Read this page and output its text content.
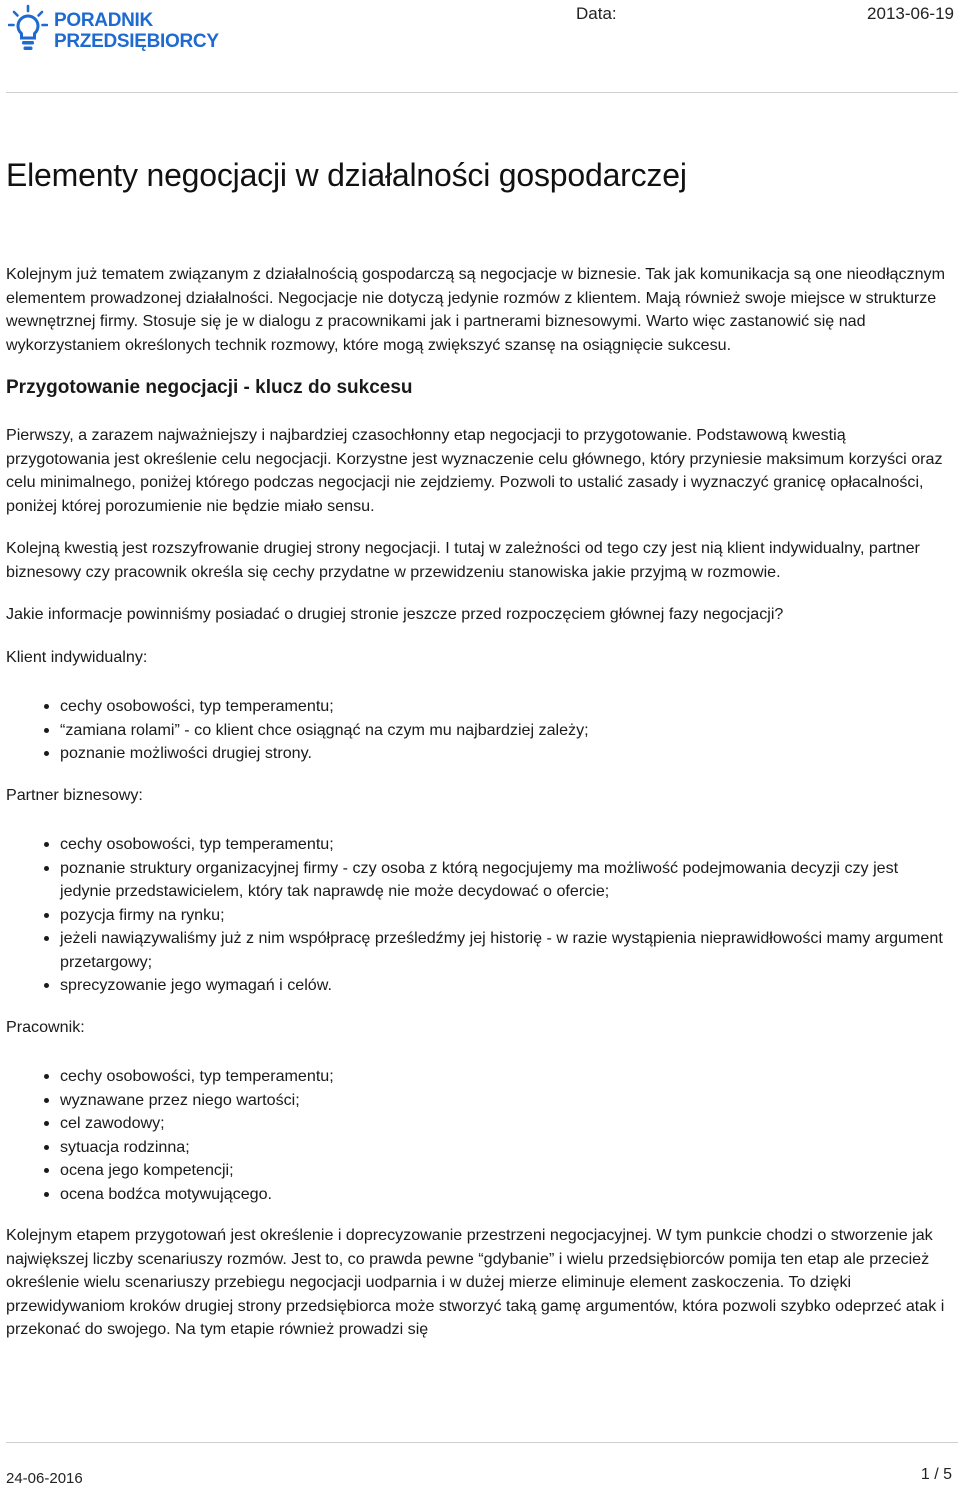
PORADNIK
PRZEDSIĘBIORCY
Data:	2013-06-19
Elementy negocjacji w działalności gospodarczej

Kolejnym już tematem związanym z działalnością gospodarczą są negocjacje w biznesie. Tak jak komunikacja są one nieodłącznym elementem prowadzonej działalności. Negocjacje nie dotyczą jedynie rozmów z klientem. Mają również swoje miejsce w strukturze wewnętrznej firmy. Stosuje się je w dialogu z pracownikami jak i partnerami biznesowymi. Warto więc zastanowić się nad wykorzystaniem określonych technik rozmowy, które mogą zwiększyć szansę na osiągnięcie sukcesu.

Przygotowanie negocjacji - klucz do sukcesu

Pierwszy, a zarazem najważniejszy i najbardziej czasochłonny etap negocjacji to przygotowanie. Podstawową kwestią przygotowania jest określenie celu negocjacji. Korzystne jest wyznaczenie celu głównego, który przyniesie maksimum korzyści oraz celu minimalnego, poniżej którego podczas negocjacji nie zejdziemy. Pozwoli to ustalić zasady i wyznaczyć granicę opłacalności, poniżej której porozumienie nie będzie miało sensu.

Kolejną kwestią jest rozszyfrowanie drugiej strony negocjacji. I tutaj w zależności od tego czy jest nią klient indywidualny, partner biznesowy czy pracownik określa się cechy przydatne w przewidzeniu stanowiska jakie przyjmą w rozmowie.

Jakie informacje powinniśmy posiadać o drugiej stronie jeszcze przed rozpoczęciem głównej fazy negocjacji?

Klient indywidualny:

• cechy osobowości, typ temperamentu;
• “zamiana rolami” - co klient chce osiągnąć na czym mu najbardziej zależy;
• poznanie możliwości drugiej strony.

Partner biznesowy:

• cechy osobowości, typ temperamentu;
• poznanie struktury organizacyjnej firmy - czy osoba z którą negocjujemy ma możliwość podejmowania decyzji czy jest jedynie przedstawicielem, który tak naprawdę nie może decydować o ofercie;
• pozycja firmy na rynku;
• jeżeli nawiązywaliśmy już z nim współpracę prześledźmy jej historię - w razie wystąpienia nieprawidłowości mamy argument przetargowy;
• sprecyzowanie jego wymagań i celów.

Pracownik:

• cechy osobowości, typ temperamentu;
• wyznawane przez niego wartości;
• cel zawodowy;
• sytuacja rodzinna;
• ocena jego kompetencji;
• ocena bodźca motywującego.

Kolejnym etapem przygotowań jest określenie i doprecyzowanie przestrzeni negocjacyjnej. W tym punkcie chodzi o stworzenie jak największej liczby scenariuszy rozmów. Jest to, co prawda pewne “gdybanie” i wielu przedsiębiorców pomija ten etap ale przecież określenie wielu scenariuszy przebiegu negocjacji uodparnia i w dużej mierze eliminuje element zaskoczenia. To dzięki przewidywaniom kroków drugiej strony przedsiębiorca może stworzyć taką gamę argumentów, która pozwoli szybko odeprzeć atak i przekonać do swojego. Na tym etapie również prowadzi się

24-06-2016	1 / 5
